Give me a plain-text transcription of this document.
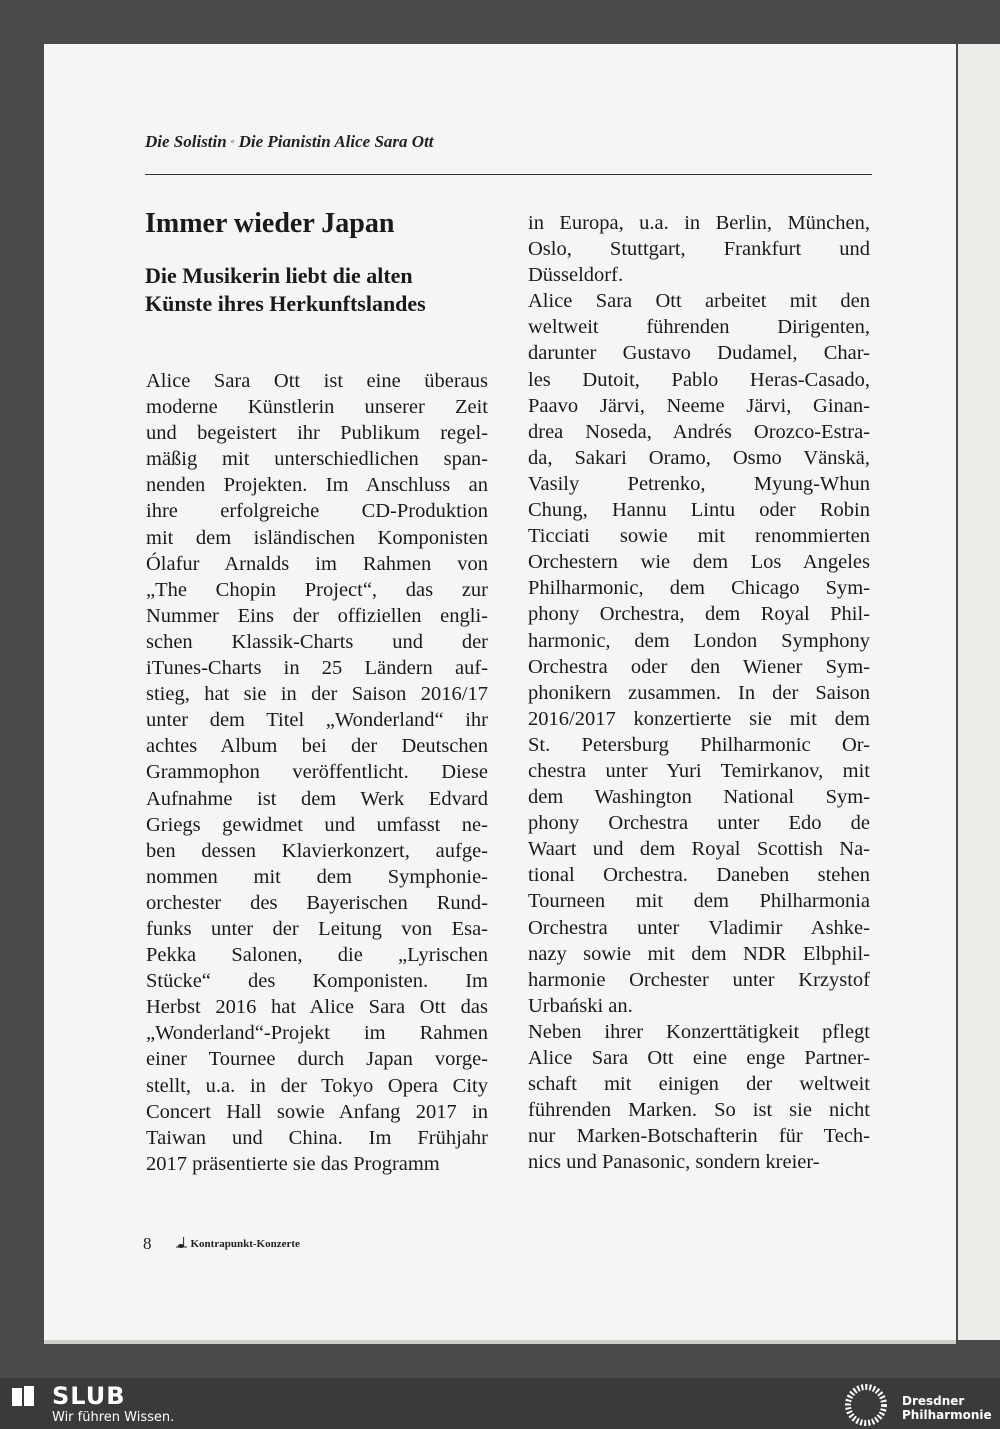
Die Solistin ◦ Die Pianistin Alice Sara Ott
Immer wieder Japan
Die Musikerin liebt die alten
Künste ihres Herkunftslandes
Alice Sara Ott ist eine überaus
moderne Künstlerin unserer Zeit
und begeistert ihr Publikum regel-
mäßig mit unterschiedlichen span-
nenden Projekten. Im Anschluss an
ihre erfolgreiche CD-Produktion
mit dem isländischen Komponisten
Ólafur Arnalds im Rahmen von
„The Chopin Project“, das zur
Nummer Eins der offiziellen engli-
schen Klassik-Charts und der
iTunes-Charts in 25 Ländern auf-
stieg, hat sie in der Saison 2016/17
unter dem Titel „Wonderland“ ihr
achtes Album bei der Deutschen
Grammophon veröffentlicht. Diese
Aufnahme ist dem Werk Edvard
Griegs gewidmet und umfasst ne-
ben dessen Klavierkonzert, aufge-
nommen mit dem Symphonie-
orchester des Bayerischen Rund-
funks unter der Leitung von Esa-
Pekka Salonen, die „Lyrischen
Stücke“ des Komponisten. Im
Herbst 2016 hat Alice Sara Ott das
„Wonderland“-Projekt im Rahmen
einer Tournee durch Japan vorge-
stellt, u.a. in der Tokyo Opera City
Concert Hall sowie Anfang 2017 in
Taiwan und China. Im Frühjahr
2017 präsentierte sie das Programm
in Europa, u.a. in Berlin, München,
Oslo, Stuttgart, Frankfurt und
Düsseldorf.
Alice Sara Ott arbeitet mit den
weltweit führenden Dirigenten,
darunter Gustavo Dudamel, Char-
les Dutoit, Pablo Heras-Casado,
Paavo Järvi, Neeme Järvi, Ginan-
drea Noseda, Andrés Orozco-Estra-
da, Sakari Oramo, Osmo Vänskä,
Vasily Petrenko, Myung-Whun
Chung, Hannu Lintu oder Robin
Ticciati sowie mit renommierten
Orchestern wie dem Los Angeles
Philharmonic, dem Chicago Sym-
phony Orchestra, dem Royal Phil-
harmonic, dem London Symphony
Orchestra oder den Wiener Sym-
phonikern zusammen. In der Saison
2016/2017 konzertierte sie mit dem
St. Petersburg Philharmonic Or-
chestra unter Yuri Temirkanov, mit
dem Washington National Sym-
phony Orchestra unter Edo de
Waart und dem Royal Scottish Na-
tional Orchestra. Daneben stehen
Tourneen mit dem Philharmonia
Orchestra unter Vladimir Ashke-
nazy sowie mit dem NDR Elbphil-
harmonie Orchester unter Krzystof
Urbański an.
Neben ihrer Konzerttätigkeit pflegt
Alice Sara Ott eine enge Partner-
schaft mit einigen der weltweit
führenden Marken. So ist sie nicht
nur Marken-Botschafterin für Tech-
nics und Panasonic, sondern kreier-
8	Kontrapunkt-Konzerte
SLUB
Wir führen Wissen.
Dresdner
Philharmonie
